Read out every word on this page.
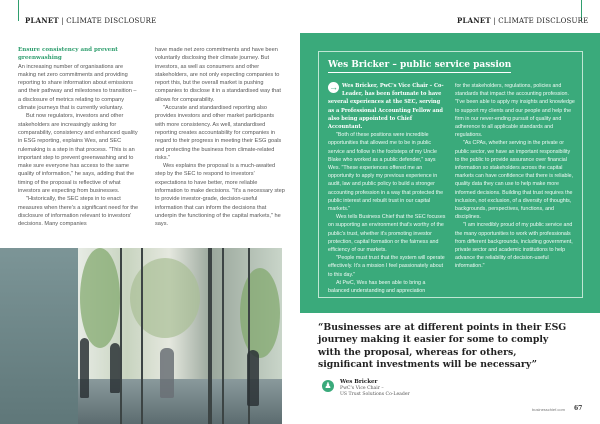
PLANET | CLIMATE DISCLOSURE	PLANET | CLIMATE DISCLOSURE
Ensure consistency and prevent greenwashing

An increasing number of organisations are making net zero commitments and providing reporting to share information about emissions and their pathway and milestones to transition – a disclosure of metrics relating to company climate journeys that is currently voluntary.

But now regulators, investors and other stakeholders are increasingly asking for comparability, consistency and enhanced quality in ESG reporting, explains Wes, and SEC rulemaking is a step in that process. "This is an important step to prevent greenwashing and to make sure everyone has access to the same quality of information," he says, adding that the timing of the proposal is reflective of what investors are expecting from businesses.

"Historically, the SEC steps in to enact measures when there's a significant need for the disclosure of information relevant to investors' decisions. Many companies

have made net zero commitments and have been voluntarily disclosing their climate journey. But investors, as well as consumers and other stakeholders, are not only expecting companies to report this, but the overall market is pushing companies to disclose it in a standardised way that allows for comparability.

"Accurate and standardised reporting also provides investors and other market participants with more consistency. As well, standardised reporting creates accountability for companies in regard to their progress in meeting their ESG goals and protecting the business from climate-related risks."

Wes explains the proposal is a much-awaited step by the SEC to respond to investors' expectations to have better, more reliable information to make decisions. "It's a necessary step to provide investor-grade, decision-useful information that can inform the decisions that underpin the functioning of the capital markets," he says.

Wes Bricker – public service passion
→ Wes Bricker, PwC's Vice Chair – Co-Leader, has been fortunate to have several experiences at the SEC, serving as a Professional Accounting Fellow and also being appointed to Chief Accountant.

"Both of these positions were incredible opportunities that allowed me to be in public service and follow in the footsteps of my Uncle Blake who worked as a public defender," says Wes. "These experiences offered me an opportunity to apply my previous experience in audit, law and public policy to build a stronger accounting profession in a way that protected the public interest and rebuilt trust in our capital markets."

Wes tells Business Chief that the SEC focuses on supporting an environment that's worthy of the public's trust, whether it's promoting investor protection, capital formation or the fairness and efficiency of our markets.

"People must trust that the system will operate effectively. It's a mission I feel passionately about to this day."

At PwC, Wes has been able to bring a balanced understanding and appreciation

for the stakeholders, regulations, policies and standards that impact the accounting profession. "I've been able to apply my insights and knowledge to support my clients and our people and help the firm in our never-ending pursuit of quality and adherence to all applicable standards and regulations.

"As CPAs, whether serving in the private or public sector, we have an important responsibility to the public to provide assurance over financial information so stakeholders across the capital markets can have confidence that there is reliable, quality data they can use to help make more informed decisions. Building that trust requires the inclusion, not exclusion, of a diversity of thoughts, backgrounds, perspectives, functions, and disciplines.

"I am incredibly proud of my public service and the many opportunities to work with professionals from different backgrounds, including government, private sector and academic institutions to help advance the reliability of decision-useful information."

“Businesses are at different points in their ESG journey making it easier for some to comply with the proposal, whereas for others, significant investments will be necessary”
♟	Wes Bricker
PwC's Vice Chair –
US Trust Solutions Co-Leader
businesschief.com 67
